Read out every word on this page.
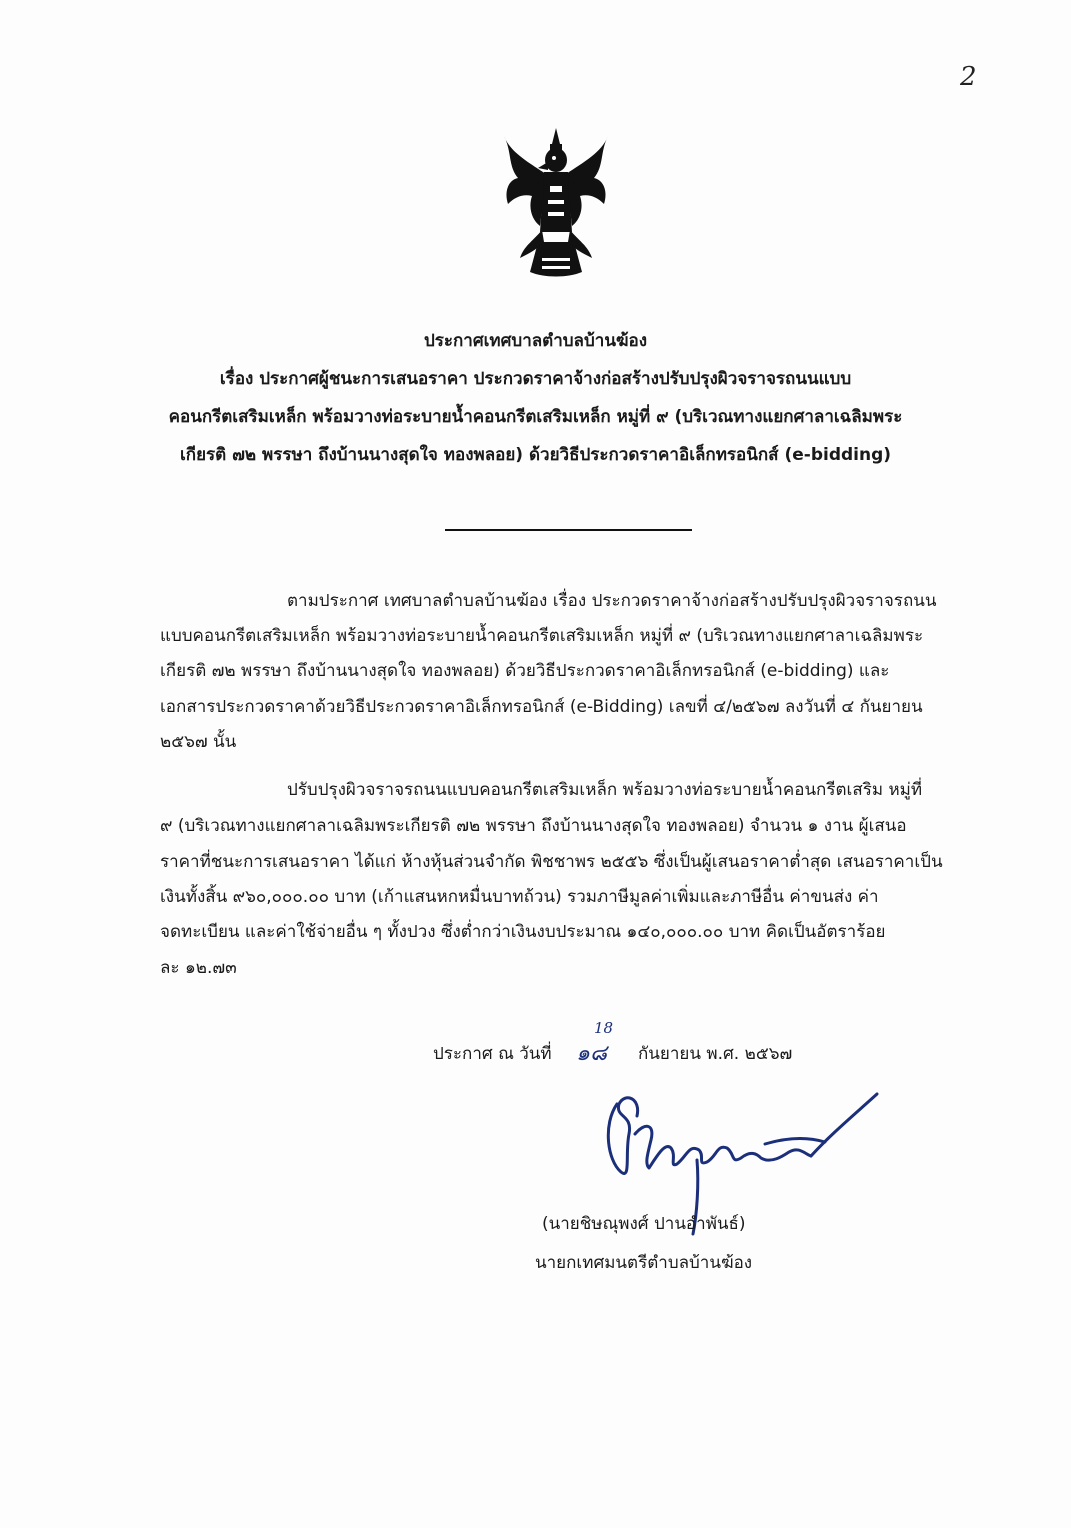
2
ประกาศเทศบาลตำบลบ้านฆ้อง
เรื่อง ประกาศผู้ชนะการเสนอราคา ประกวดราคาจ้างก่อสร้างปรับปรุงผิวจราจรถนนแบบ
คอนกรีตเสริมเหล็ก พร้อมวางท่อระบายน้ำคอนกรีตเสริมเหล็ก หมู่ที่ ๙ (บริเวณทางแยกศาลาเฉลิมพระ
เกียรติ ๗๒ พรรษา ถึงบ้านนางสุดใจ ทองพลอย) ด้วยวิธีประกวดราคาอิเล็กทรอนิกส์ (e-bidding)
ตามประกาศ เทศบาลตำบลบ้านฆ้อง เรื่อง ประกวดราคาจ้างก่อสร้างปรับปรุงผิวจราจรถนน
แบบคอนกรีตเสริมเหล็ก พร้อมวางท่อระบายน้ำคอนกรีตเสริมเหล็ก หมู่ที่ ๙ (บริเวณทางแยกศาลาเฉลิมพระ
เกียรติ ๗๒ พรรษา ถึงบ้านนางสุดใจ ทองพลอย) ด้วยวิธีประกวดราคาอิเล็กทรอนิกส์ (e-bidding) และ
เอกสารประกวดราคาด้วยวิธีประกวดราคาอิเล็กทรอนิกส์ (e-Bidding) เลขที่ ๔/๒๕๖๗ ลงวันที่ ๔ กันยายน
๒๕๖๗ นั้น
ปรับปรุงผิวจราจรถนนแบบคอนกรีตเสริมเหล็ก พร้อมวางท่อระบายน้ำคอนกรีตเสริม หมู่ที่
๙ (บริเวณทางแยกศาลาเฉลิมพระเกียรติ ๗๒ พรรษา ถึงบ้านนางสุดใจ ทองพลอย) จำนวน ๑ งาน ผู้เสนอ
ราคาที่ชนะการเสนอราคา ได้แก่ ห้างหุ้นส่วนจำกัด พิชชาพร ๒๕๕๖ ซึ่งเป็นผู้เสนอราคาต่ำสุด เสนอราคาเป็น
เงินทั้งสิ้น ๙๖๐,๐๐๐.๐๐ บาท (เก้าแสนหกหมื่นบาทถ้วน) รวมภาษีมูลค่าเพิ่มและภาษีอื่น ค่าขนส่ง ค่า
จดทะเบียน และค่าใช้จ่ายอื่น ๆ ทั้งปวง ซึ่งต่ำกว่าเงินงบประมาณ ๑๔๐,๐๐๐.๐๐ บาท คิดเป็นอัตราร้อย
ละ ๑๒.๗๓
ประกาศ ณ วันที่ ๑๘
18
กันยายน พ.ศ. ๒๕๖๗
(นายชิษณุพงศ์ ปานอำพันธ์)
นายกเทศมนตรีตำบลบ้านฆ้อง
